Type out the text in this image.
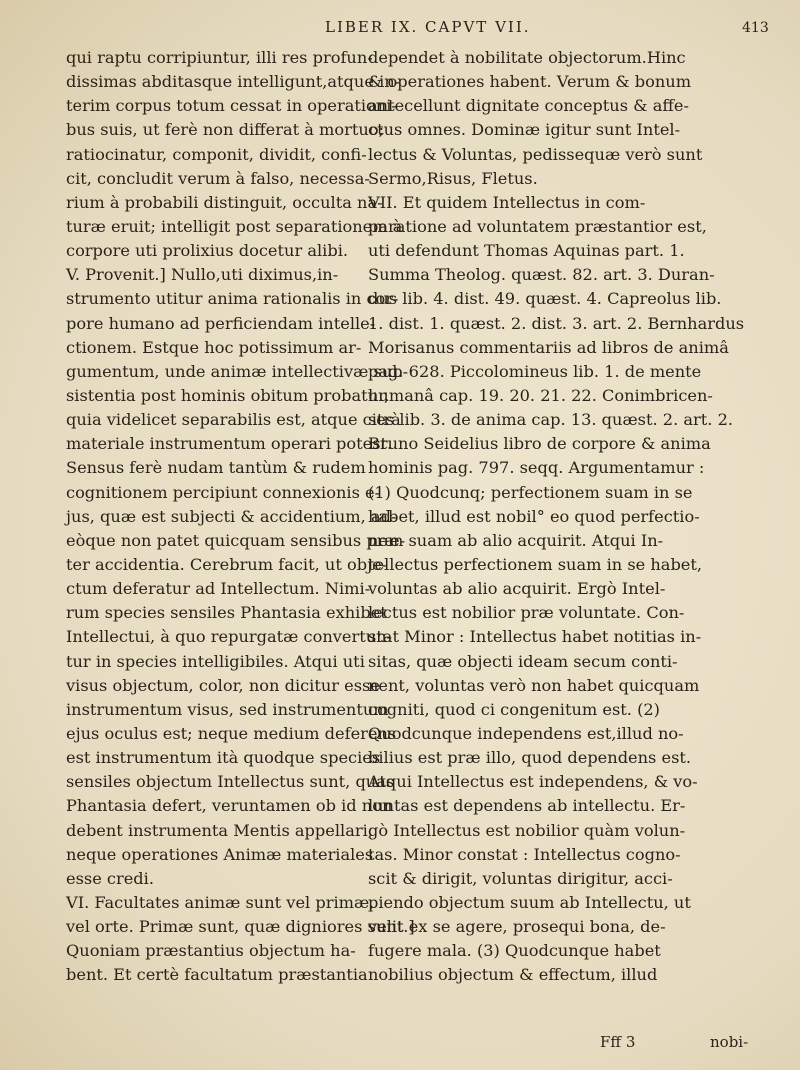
LIBER IX. CAPVT VII.	413
qui raptu corripiuntur, illi res profun-
dissimas abditasque intelligunt,atque in-
terim corpus totum cessat in operationi-
bus suis, ut ferè non differat à mortuo;
ratiocinatur, componit, dividit, confi-
cit, concludit verum à falso, necessa-
rium à probabili distinguit, occulta na-
turæ eruit; intelligit post separationem à
corpore uti prolixius docetur alibi.
V. Provenit.] Nullo,uti diximus,in-
strumento utitur anima rationalis in cor-
pore humano ad perficiendam intelle-
ctionem. Estque hoc potissimum ar-
gumentum, unde animæ intellectivæ sub-
sistentia post hominis obitum probatur,
quia videlicet separabilis est, atque citrà
materiale instrumentum operari potest.
Sensus ferè nudam tantùm & rudem
cognitionem percipiunt connexionis e-
jus, quæ est subjecti & accidentium, ad-
eòque non patet quicquam sensibus præ-
ter accidentia. Cerebrum facit, ut obje-
ctum deferatur ad Intellectum. Nimi-
rum species sensiles Phantasia exhibet
Intellectui, à quo repurgatæ convertun-
tur in species intelligibiles. Atqui uti
visus objectum, color, non dicitur esse
instrumentum visus, sed instrumentum
ejus oculus est; neque medium deferens
est instrumentum ità quodque species
sensiles objectum Intellectus sunt, quas
Phantasia defert, veruntamen ob id non
debent instrumenta Mentis appellari,
neque operationes Animæ materiales
esse credi.
VI. Facultates animæ sunt vel primæ,
vel orte. Primæ sunt, quæ digniores sunt.]
Quoniam præstantius objectum ha-
bent. Et certè facultatum præstantia
dependet à nobilitate objectorum.Hinc
& operationes habent. Verum & bonum
antecellunt dignitate conceptus & affe-
ctus omnes. Dominæ igitur sunt Intel-
lectus & Voluntas, pedissequæ verò sunt
Sermo,Risus, Fletus.
VII. Et quidem Intellectus in com-
paratione ad voluntatem præstantior est,
uti defendunt Thomas Aquinas part. 1.
Summa Theolog. quæst. 82. art. 3. Duran-
dus lib. 4. dist. 49. quæst. 4. Capreolus lib.
1. dist. 1. quæst. 2. dist. 3. art. 2. Bernhardus
Morisanus commentariis ad libros de animâ
pag. 628. Piccolomineus lib. 1. de mente
humanâ cap. 19. 20. 21. 22. Conimbricen-
ses lib. 3. de anima cap. 13. quæst. 2. art. 2.
Bruno Seidelius libro de corpore & anima
hominis pag. 797. seqq. Argumentamur :
(1) Quodcunq; perfectionem suam in se
habet, illud est nobil° eo quod perfectio-
nem suam ab alio acquirit. Atqui In-
tellectus perfectionem suam in se habet,
voluntas ab alio acquirit. Ergò Intel-
lectus est nobilior præ voluntate. Con-
stat Minor : Intellectus habet notitias in-
sitas, quæ objecti ideam secum conti-
nent, voluntas verò non habet quicquam
cogniti, quod ci congenitum est. (2)
Quodcunque independens est,illud no-
bilius est præ illo, quod dependens est.
Atqui Intellectus est independens, & vo-
luntas est dependens ab intellectu. Er-
gò Intellectus est nobilior quàm volun-
tas. Minor constat : Intellectus cogno-
scit & dirigit, voluntas dirigitur, acci-
piendo objectum suum ab Intellectu, ut
velit ex se agere, prosequi bona, de-
fugere mala. (3) Quodcunque habet
nobilius objectum & effectum, illud
Fff 3	nobi-
